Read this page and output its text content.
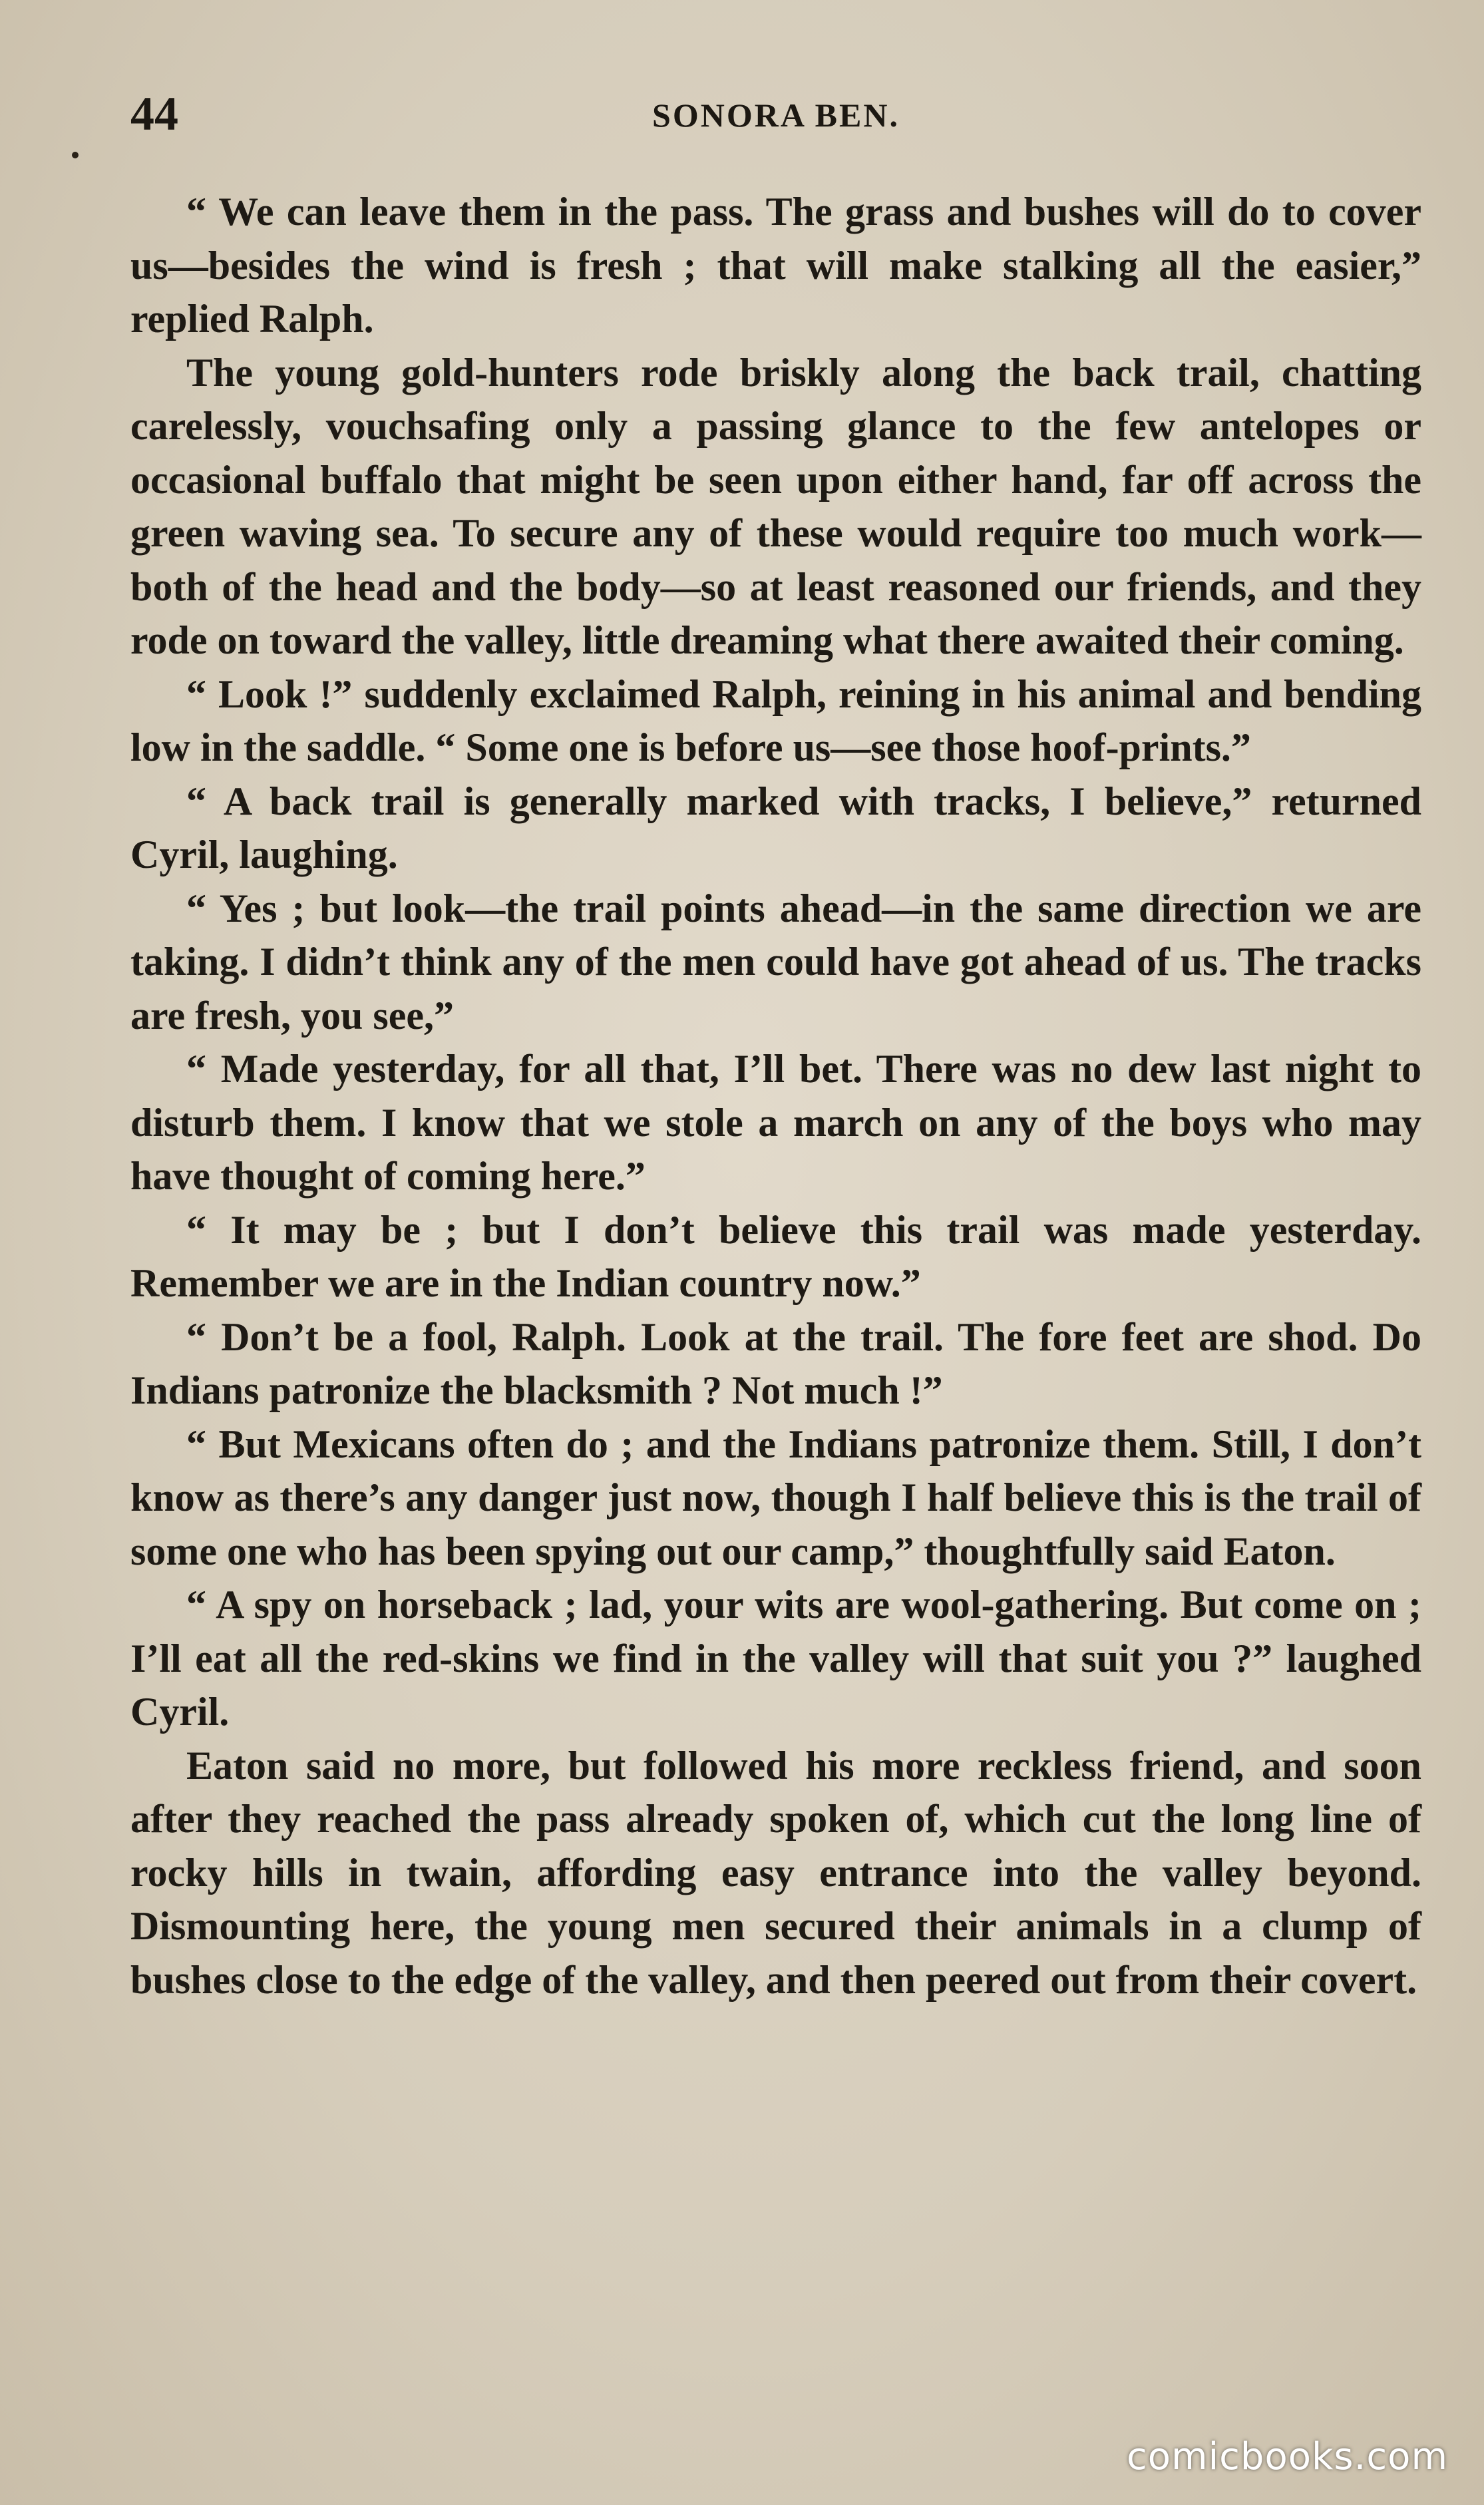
44	SONORA BEN.

“ We can leave them in the pass. The grass and bushes will do to cover us—besides the wind is fresh ; that will make stalking all the easier,” replied Ralph.

The young gold-hunters rode briskly along the back trail, chatting carelessly, vouchsafing only a passing glance to the few antelopes or occasional buffalo that might be seen upon either hand, far off across the green waving sea. To secure any of these would require too much work—both of the head and the body—so at least reasoned our friends, and they rode on toward the valley, little dreaming what there awaited their coming.

“ Look !” suddenly exclaimed Ralph, reining in his animal and bending low in the saddle. “ Some one is before us—see those hoof-prints.”

“ A back trail is generally marked with tracks, I believe,” returned Cyril, laughing.

“ Yes ; but look—the trail points ahead—in the same direction we are taking. I didn’t think any of the men could have got ahead of us. The tracks are fresh, you see,”

“ Made yesterday, for all that, I’ll bet. There was no dew last night to disturb them. I know that we stole a march on any of the boys who may have thought of coming here.”

“ It may be ; but I don’t believe this trail was made yesterday. Remember we are in the Indian country now.”

“ Don’t be a fool, Ralph. Look at the trail. The fore feet are shod. Do Indians patronize the blacksmith ? Not much !”

“ But Mexicans often do ; and the Indians patronize them. Still, I don’t know as there’s any danger just now, though I half believe this is the trail of some one who has been spying out our camp,” thoughtfully said Eaton.

“ A spy on horseback ; lad, your wits are wool-gathering. But come on ; I’ll eat all the red-skins we find in the valley will that suit you ?” laughed Cyril.

Eaton said no more, but followed his more reckless friend, and soon after they reached the pass already spoken of, which cut the long line of rocky hills in twain, affording easy entrance into the valley beyond. Dismounting here, the young men secured their animals in a clump of bushes close to the edge of the valley, and then peered out from their covert.

comicbooks.com
